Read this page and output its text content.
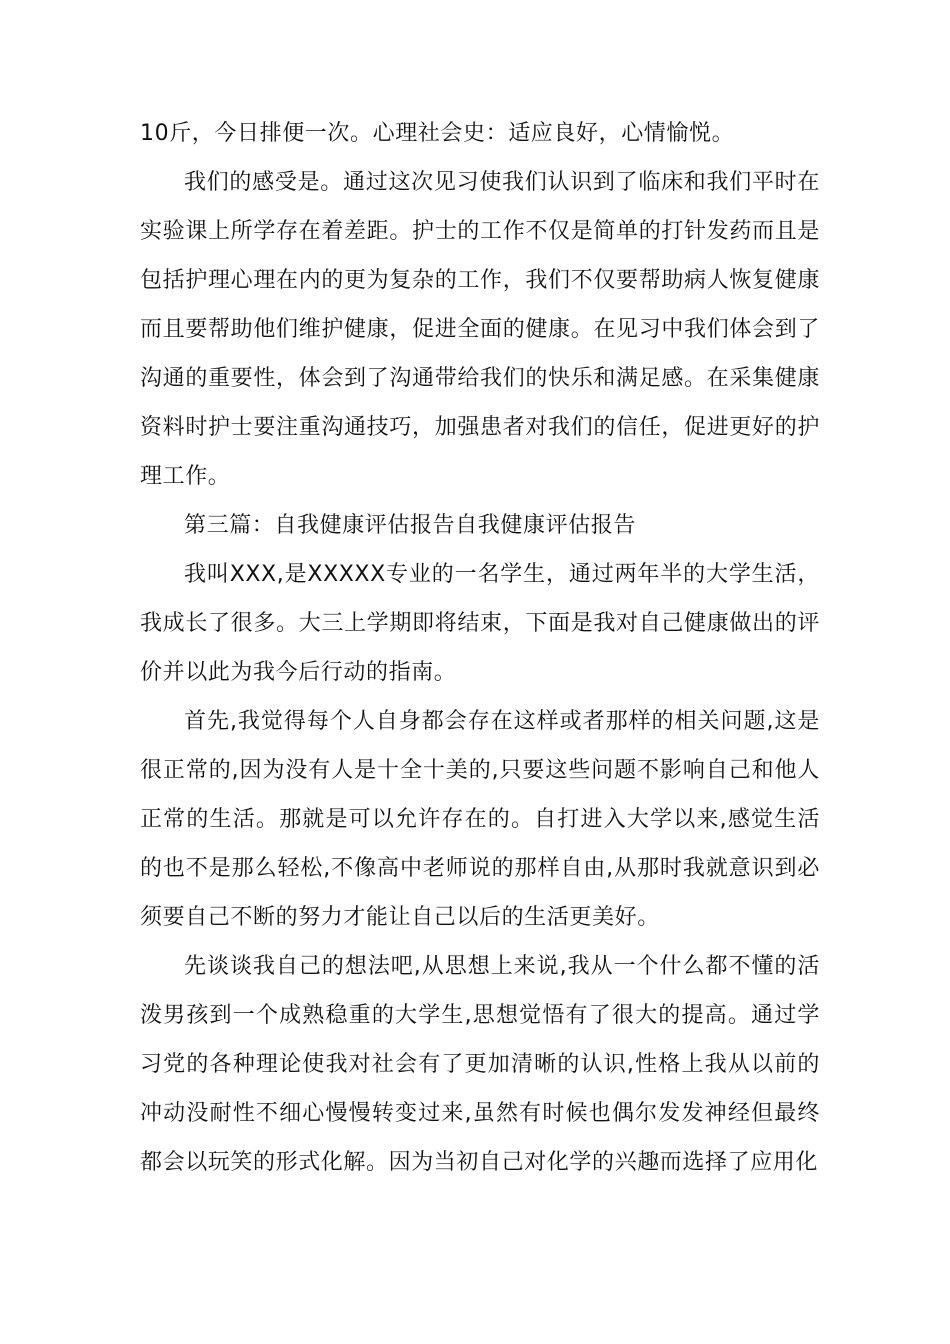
10斤，今日排便一次。心理社会史：适应良好，心情愉悦。

我们的感受是。通过这次见习使我们认识到了临床和我们平时在实验课上所学存在着差距。护士的工作不仅是简单的打针发药而且是包括护理心理在内的更为复杂的工作，我们不仅要帮助病人恢复健康而且要帮助他们维护健康，促进全面的健康。在见习中我们体会到了沟通的重要性，体会到了沟通带给我们的快乐和满足感。在采集健康资料时护士要注重沟通技巧，加强患者对我们的信任，促进更好的护理工作。

第三篇：自我健康评估报告自我健康评估报告

我叫XXX,是XXXXX专业的一名学生，通过两年半的大学生活，我成长了很多。大三上学期即将结束，下面是我对自己健康做出的评价并以此为我今后行动的指南。

首先,我觉得每个人自身都会存在这样或者那样的相关问题,这是很正常的,因为没有人是十全十美的,只要这些问题不影响自己和他人正常的生活。那就是可以允许存在的。自打进入大学以来,感觉生活的也不是那么轻松,不像高中老师说的那样自由,从那时我就意识到必须要自己不断的努力才能让自己以后的生活更美好。

先谈谈我自己的想法吧,从思想上来说,我从一个什么都不懂的活泼男孩到一个成熟稳重的大学生,思想觉悟有了很大的提高。通过学习党的各种理论使我对社会有了更加清晰的认识,性格上我从以前的冲动没耐性不细心慢慢转变过来,虽然有时候也偶尔发发神经但最终都会以玩笑的形式化解。因为当初自己对化学的兴趣而选择了应用化
